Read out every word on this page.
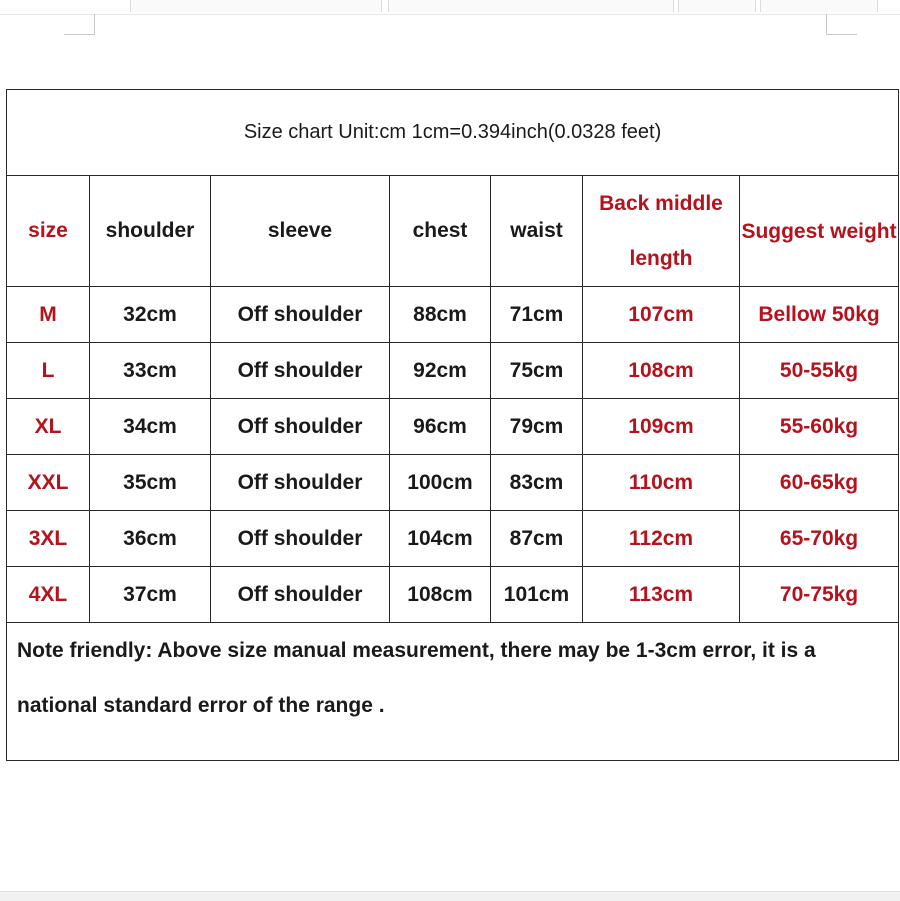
Size chart Unit:cm 1cm=0.394inch(0.0328 feet)						
size	shoulder	sleeve	chest	waist	Back middle length	Suggest weight
M	32cm	Off shoulder	88cm	71cm	107cm	Bellow 50kg
L	33cm	Off shoulder	92cm	75cm	108cm	50-55kg
XL	34cm	Off shoulder	96cm	79cm	109cm	55-60kg
XXL	35cm	Off shoulder	100cm	83cm	110cm	60-65kg
3XL	36cm	Off shoulder	104cm	87cm	112cm	65-70kg
4XL	37cm	Off shoulder	108cm	101cm	113cm	70-75kg
Note friendly: Above size manual measurement, there may be 1-3cm error, it is a national standard error of the range .						
